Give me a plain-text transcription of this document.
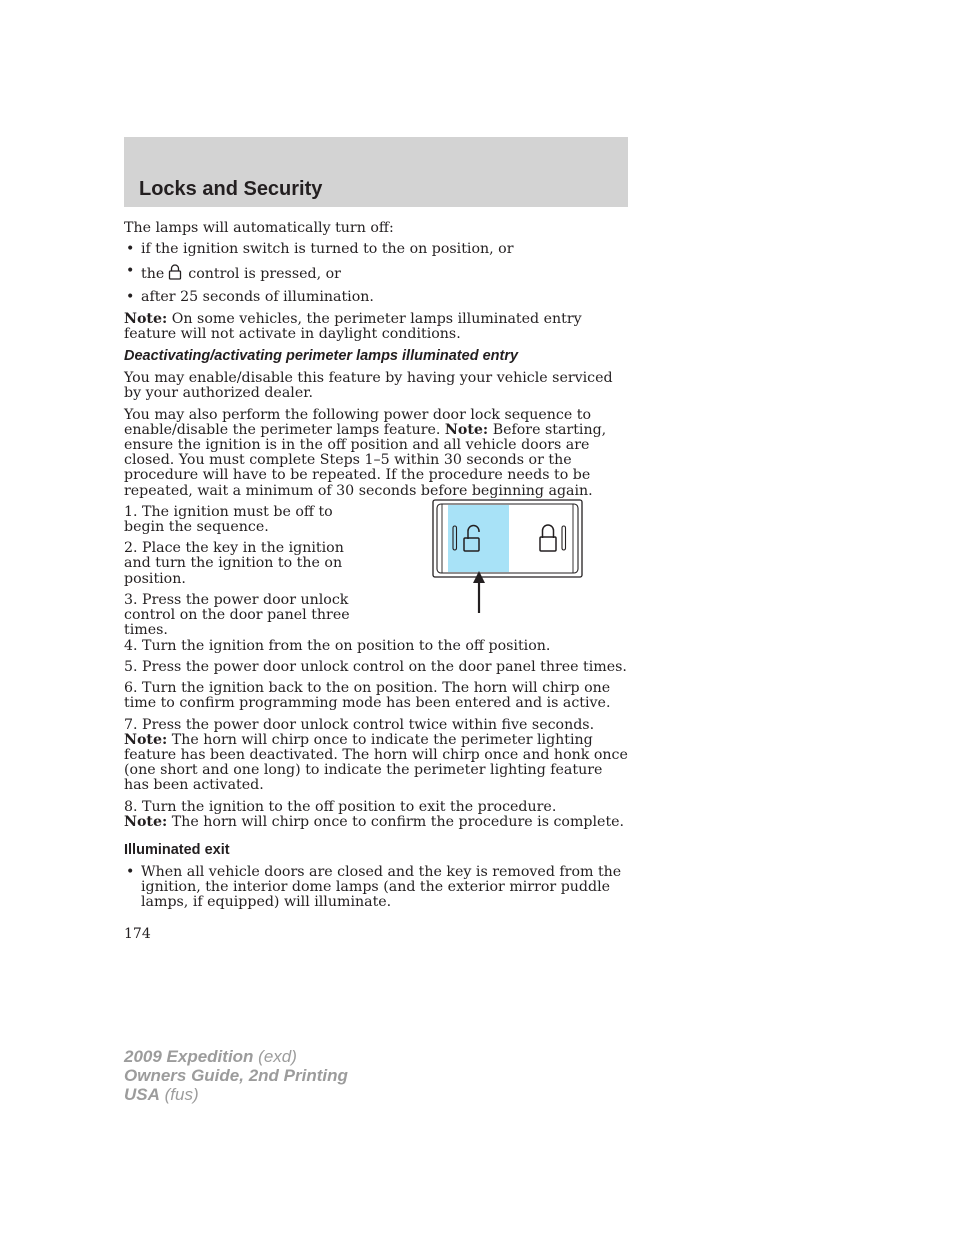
Locks and Security

The lamps will automatically turn off:

• if the ignition switch is turned to the on position, or
• the control is pressed, or
• after 25 seconds of illumination.

Note: On some vehicles, the perimeter lamps illuminated entry feature will not activate in daylight conditions.

Deactivating/activating perimeter lamps illuminated entry

You may enable/disable this feature by having your vehicle serviced by your authorized dealer.

You may also perform the following power door lock sequence to enable/disable the perimeter lamps feature. Note: Before starting, ensure the ignition is in the off position and all vehicle doors are closed. You must complete Steps 1–5 within 30 seconds or the procedure will have to be repeated. If the procedure needs to be repeated, wait a minimum of 30 seconds before beginning again.

1. The ignition must be off to begin the sequence.

2. Place the key in the ignition and turn the ignition to the on position.

3. Press the power door unlock control on the door panel three times.

4. Turn the ignition from the on position to the off position.

5. Press the power door unlock control on the door panel three times.

6. Turn the ignition back to the on position. The horn will chirp one time to confirm programming mode has been entered and is active.

7. Press the power door unlock control twice within five seconds.
Note: The horn will chirp once to indicate the perimeter lighting feature has been deactivated. The horn will chirp once and honk once (one short and one long) to indicate the perimeter lighting feature has been activated.

8. Turn the ignition to the off position to exit the procedure.
Note: The horn will chirp once to confirm the procedure is complete.

Illuminated exit
• When all vehicle doors are closed and the key is removed from the ignition, the interior dome lamps (and the exterior mirror puddle lamps, if equipped) will illuminate.
174
2009 Expedition (exd)
Owners Guide, 2nd Printing
USA (fus)
